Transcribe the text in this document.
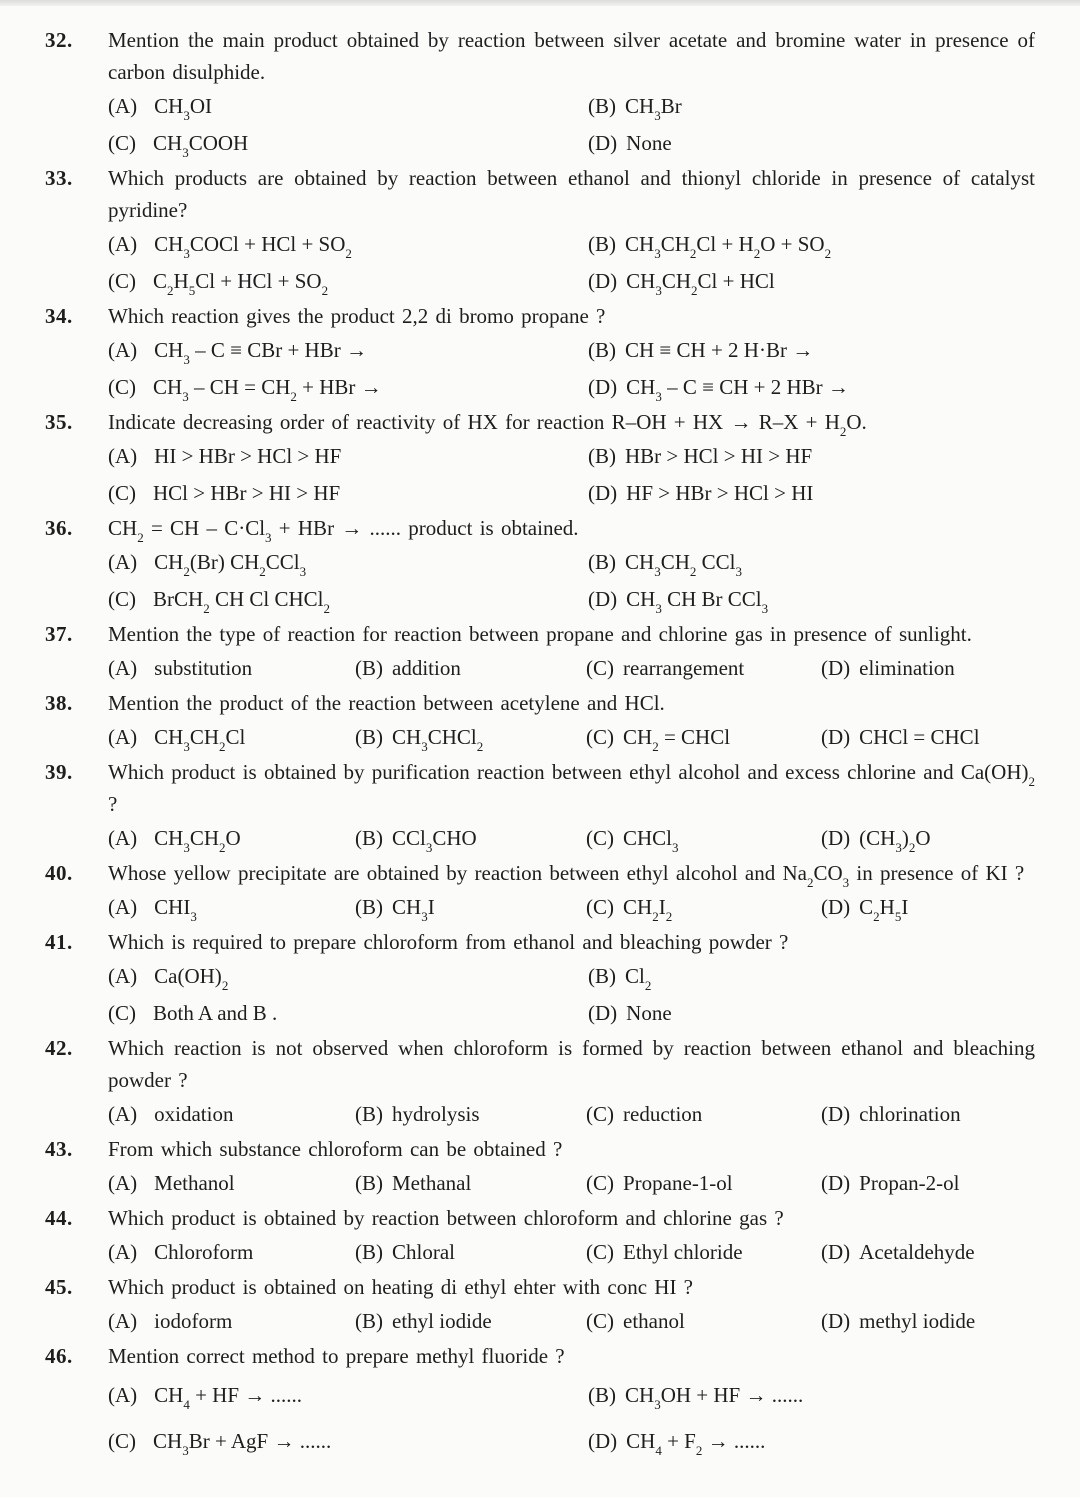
32.	Mention the main product obtained by reaction between silver acetate and bromine water in presence of carbon disulphide.
(A) $CH_3OI$	(B) $CH_3Br$
(C) $CH_3COOH$	(D) None
33.	Which products are obtained by reaction between ethanol and thionyl chloride in presence of catalyst pyridine?
(A) $CH_3COCl$ + HCl + $SO_2$	(B) $CH_3CH_2Cl + H_2O + SO_2$
(C) $C_2H_5Cl$ + HCl + $SO_2$	(D) $CH_3CH_2Cl$ + HCl
34.	Which reaction gives the product 2,2 di bromo propane ?
(A) $CH_3$ – C ≡ CBr + HBr →	(B) CH ≡ CH + 2 H·Br →
(C) $CH_3$ – CH = $CH_2$ + HBr →	(D) $CH_3$ – C ≡ CH + 2 HBr →
35.	Indicate decreasing order of reactivity of HX for reaction R–OH + HX → $R-X + H_2O$.
(A) HI > HBr > HCl > HF	(B) HBr > HCl > HI > HF
(C) HCl > HBr > HI > HF	(D) HF > HBr > HCl > HI
36.	$CH_2$ = CH – $C\cdot Cl_3$ + HBr → ...... product is obtained.
(A) $CH_2(Br)$ $CH_2CCl_3$	(B) $CH_3CH_2$ CCl$_3$
(C) BrCH$_2$ CH Cl CHCl$_2$	(D) $CH_3$ CH Br CCl$_3$
37.	Mention the type of reaction for reaction between propane and chlorine gas in presence of sunlight.
(A) substitution	(B) addition	(C) rearrangement	(D) elimination
38.	Mention the product of the reaction between acetylene and HCl.
(A) $CH_3CH_2Cl$	(B) $CH_3CHCl_2$	(C) $CH_2$ = CHCl	(D) CHCl = CHCl
39.	Which product is obtained by purification reaction between ethyl alcohol and excess chlorine and $Ca(OH)_2$ ?
(A) $CH_3CH_2O$	(B) CCl$_3$CHO	(C) CHCl$_3$	(D) $(CH_3)_2O$
40.	Whose yellow precipitate are obtained by reaction between ethyl alcohol and $Na_2CO_3$ in presence of KI ?
(A) $CHI_3$	(B) $CH_3I$	(C) $CH_2I_2$	(D) $C_2H_5I$
41.	Which is required to prepare chloroform from ethanol and bleaching powder ?
(A) $Ca(OH)_2$	(B) $Cl_2$
(C) Both A and B .	(D) None
42.	Which reaction is not observed when chloroform is formed by reaction between ethanol and bleaching powder ?
(A) oxidation	(B) hydrolysis	(C) reduction	(D) chlorination
43.	From which substance chloroform can be obtained ?
(A) Methanol	(B) Methanal	(C) Propane-1-ol	(D) Propan-2-ol
44.	Which product is obtained by reaction between chloroform and chlorine gas ?
(A) Chloroform	(B) Chloral	(C) Ethyl chloride	(D) Acetaldehyde
45.	Which product is obtained on heating di ethyl ehter with conc HI ?
(A) iodoform	(B) ethyl iodide	(C) ethanol	(D) methyl iodide
46.	Mention correct method to prepare methyl fluoride ?
(A) $CH_4$ + HF → ......	(B) $CH_3OH$ + HF → ......
(C) $CH_3Br$ + AgF → ......	(D) $CH_4 + F_2$ → ......
